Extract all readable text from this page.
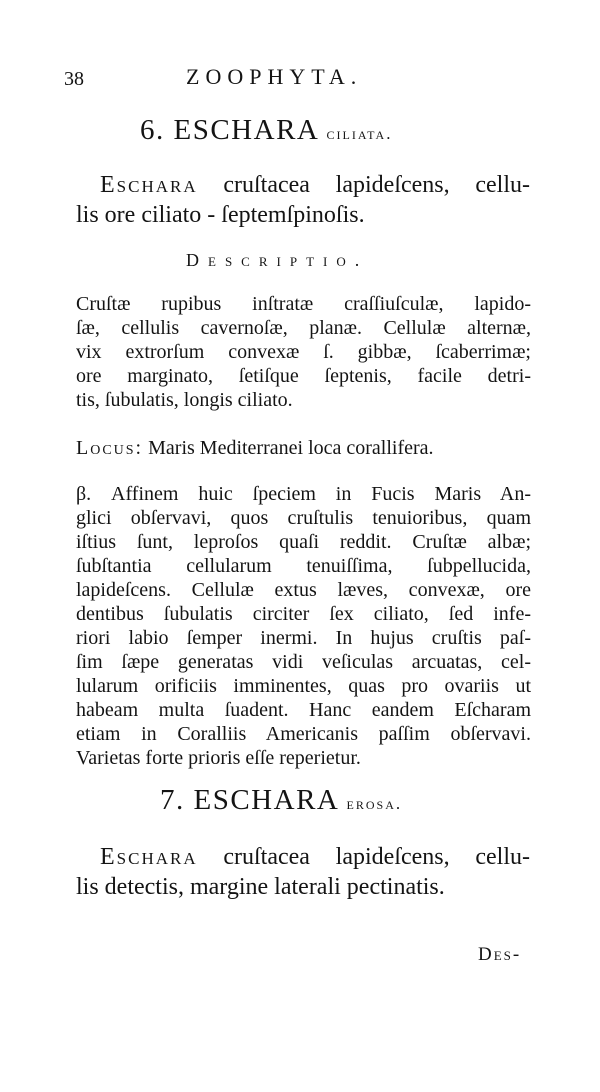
38	ZOOPHYTA.
6. ESCHARA ciliata.
Eschara cruſtacea lapideſcens, cellu-
lis ore ciliato - ſeptemſpinoſis.
Descriptio.
Cruſtæ rupibus inſtratæ craſſiuſculæ, lapido-
ſæ, cellulis cavernoſæ, planæ. Cellulæ alternæ,
vix extrorſum convexæ ſ. gibbæ, ſcaberrimæ;
ore marginato, ſetiſque ſeptenis, facile detri-
tis, ſubulatis, longis ciliato.
Locus: Maris Mediterranei loca corallifera.
β. Affinem huic ſpeciem in Fucis Maris An-
glici obſervavi, quos cruſtulis tenuioribus, quam
iſtius ſunt, leproſos quaſi reddit. Cruſtæ albæ;
ſubſtantia cellularum tenuiſſima, ſubpellucida,
lapideſcens. Cellulæ extus læves, convexæ, ore
dentibus ſubulatis circiter ſex ciliato, ſed infe-
riori labio ſemper inermi. In hujus cruſtis paſ-
ſim ſæpe generatas vidi veſiculas arcuatas, cel-
lularum orificiis imminentes, quas pro ovariis ut
habeam multa ſuadent. Hanc eandem Eſcharam
etiam in Coralliis Americanis paſſim obſervavi.
Varietas forte prioris eſſe reperietur.
7. ESCHARA erosa.
Eschara cruſtacea lapideſcens, cellu-
lis detectis, margine laterali pectinatis.
Des-
